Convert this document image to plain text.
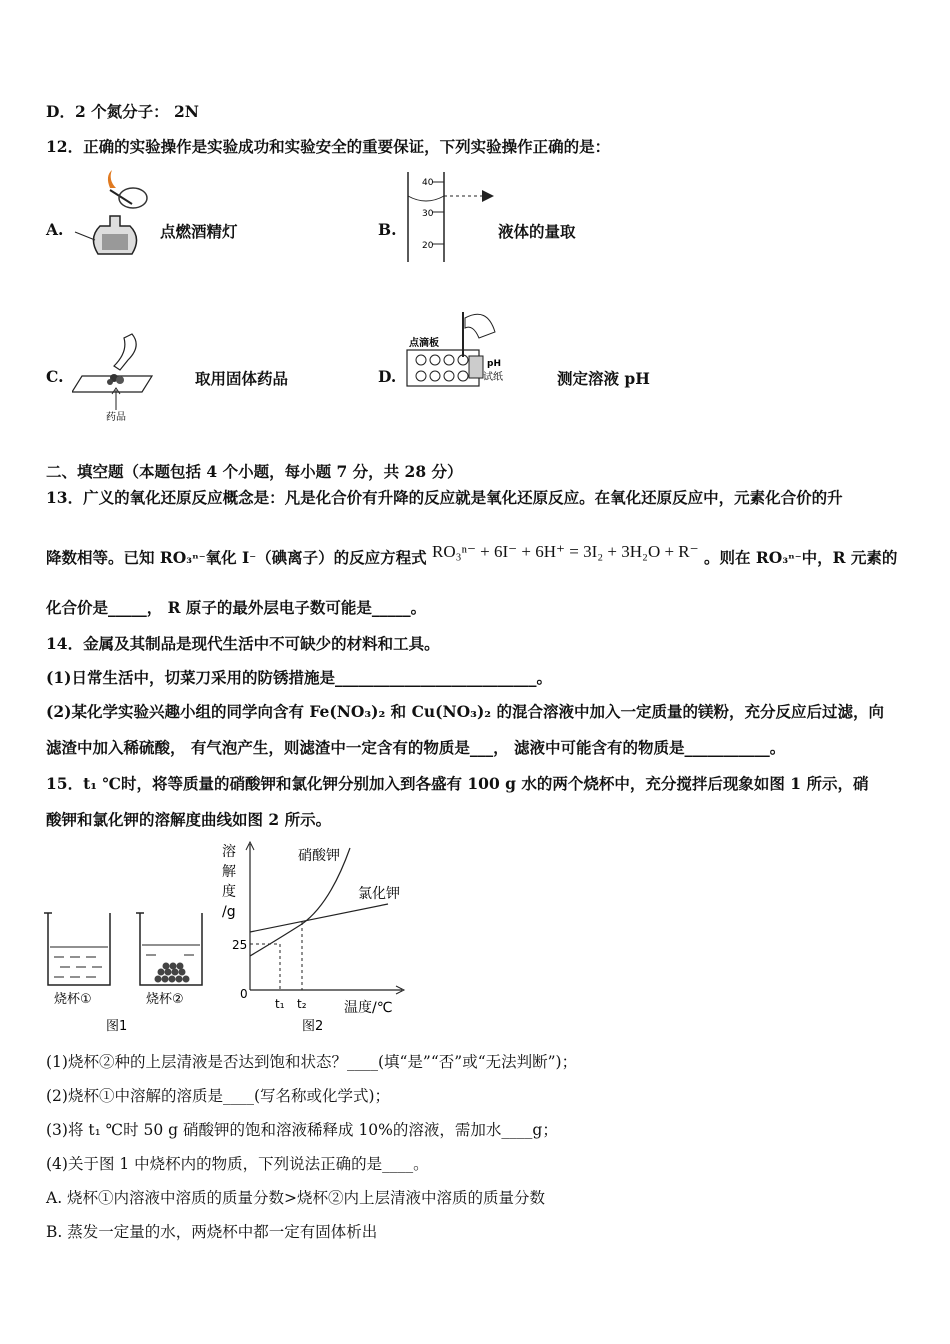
D．2 个氮分子： 2N
12．正确的实验操作是实验成功和实验安全的重要保证，下列实验操作正确的是：
A.	点燃酒精灯	B.
40
30
20
液体的量取
C.
药品
取用固体药品	D.
点滴板
pH
试纸	测定溶液 pH
二、填空题（本题包括 4 个小题，每小题 7 分，共 28 分）
13．广义的氧化还原反应概念是：凡是化合价有升降的反应就是氧化还原反应。在氧化还原反应中，元素化合价的升
降数相等。已知 RO₃ⁿ⁻氧化 I⁻（碘离子）的反应方程式 RO₃ⁿ⁻ + 6I⁻ + 6H⁺ = 3I₂ + 3H₂O + R⁻ 。则在 RO₃ⁿ⁻中，R 元素的
化合价是_____， R 原子的最外层电子数可能是_____。
14．金属及其制品是现代生活中不可缺少的材料和工具。
(1)日常生活中，切菜刀采用的防锈措施是__________________________。
(2)某化学实验兴趣小组的同学向含有 Fe(NO₃)₂ 和 Cu(NO₃)₂ 的混合溶液中加入一定质量的镁粉，充分反应后过滤，向
滤渣中加入稀硫酸， 有气泡产生，则滤渣中一定含有的物质是___， 滤液中可能含有的物质是___________。
15．t₁ ℃时，将等质量的硝酸钾和氯化钾分别加入到各盛有 100 g 水的两个烧杯中，充分搅拌后现象如图 1 所示，硝
酸钾和氯化钾的溶解度曲线如图 2 所示。
烧杯①	烧杯②
图1
溶
解
度
/g
25
0
t₁ t₂	温度/℃
硝酸钾
氯化钾
图2
(1)烧杯②种的上层清液是否达到饱和状态？____(填“是”“否”或“无法判断”)；
(2)烧杯①中溶解的溶质是____(写名称或化学式)；
(3)将 t₁ ℃时 50 g 硝酸钾的饱和溶液稀释成 10%的溶液，需加水____g；
(4)关于图 1 中烧杯内的物质，下列说法正确的是____。
A. 烧杯①内溶液中溶质的质量分数>烧杯②内上层清液中溶质的质量分数
B. 蒸发一定量的水，两烧杯中都一定有固体析出
